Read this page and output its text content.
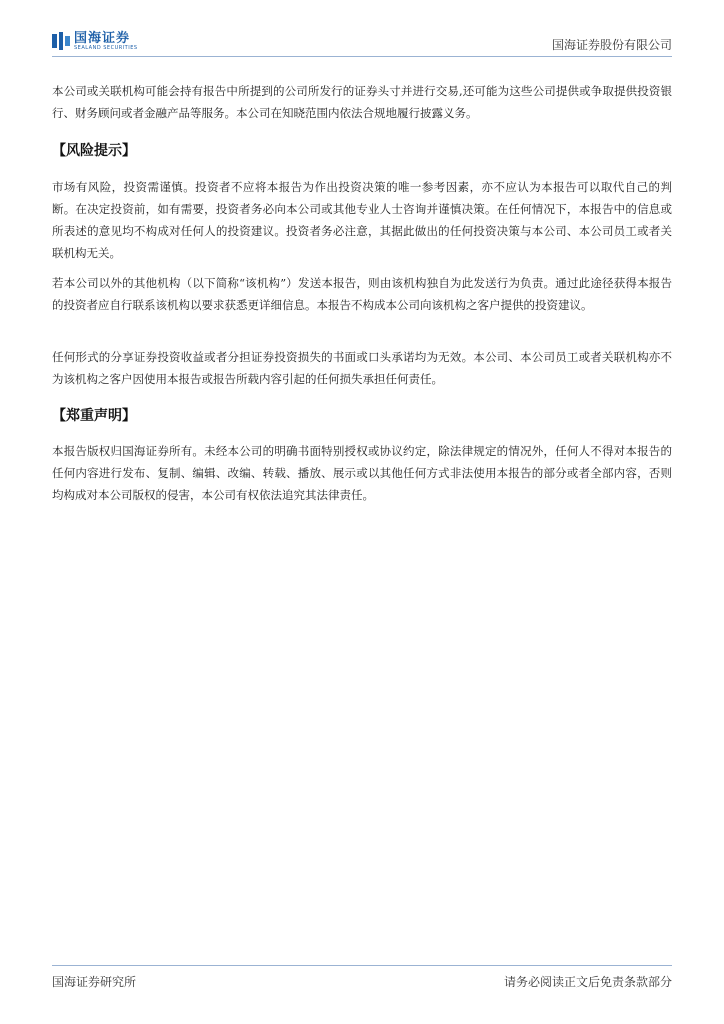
国海证券
SEALAND SECURITIES	国海证券股份有限公司

本公司或关联机构可能会持有报告中所提到的公司所发行的证券头寸并进行交易,还可能为这些公司提供或争取提供投资银行、财务顾问或者金融产品等服务。本公司在知晓范围内依法合规地履行披露义务。

【风险提示】

市场有风险，投资需谨慎。投资者不应将本报告为作出投资决策的唯一参考因素，亦不应认为本报告可以取代自己的判断。在决定投资前，如有需要，投资者务必向本公司或其他专业人士咨询并谨慎决策。在任何情况下，本报告中的信息或所表述的意见均不构成对任何人的投资建议。投资者务必注意，其据此做出的任何投资决策与本公司、本公司员工或者关联机构无关。

若本公司以外的其他机构（以下简称“该机构”）发送本报告，则由该机构独自为此发送行为负责。通过此途径获得本报告的投资者应自行联系该机构以要求获悉更详细信息。本报告不构成本公司向该机构之客户提供的投资建议。

任何形式的分享证券投资收益或者分担证券投资损失的书面或口头承诺均为无效。本公司、本公司员工或者关联机构亦不为该机构之客户因使用本报告或报告所载内容引起的任何损失承担任何责任。

【郑重声明】

本报告版权归国海证券所有。未经本公司的明确书面特别授权或协议约定，除法律规定的情况外，任何人不得对本报告的任何内容进行发布、复制、编辑、改编、转载、播放、展示或以其他任何方式非法使用本报告的部分或者全部内容，否则均构成对本公司版权的侵害，本公司有权依法追究其法律责任。

国海证券研究所	请务必阅读正文后免责条款部分
